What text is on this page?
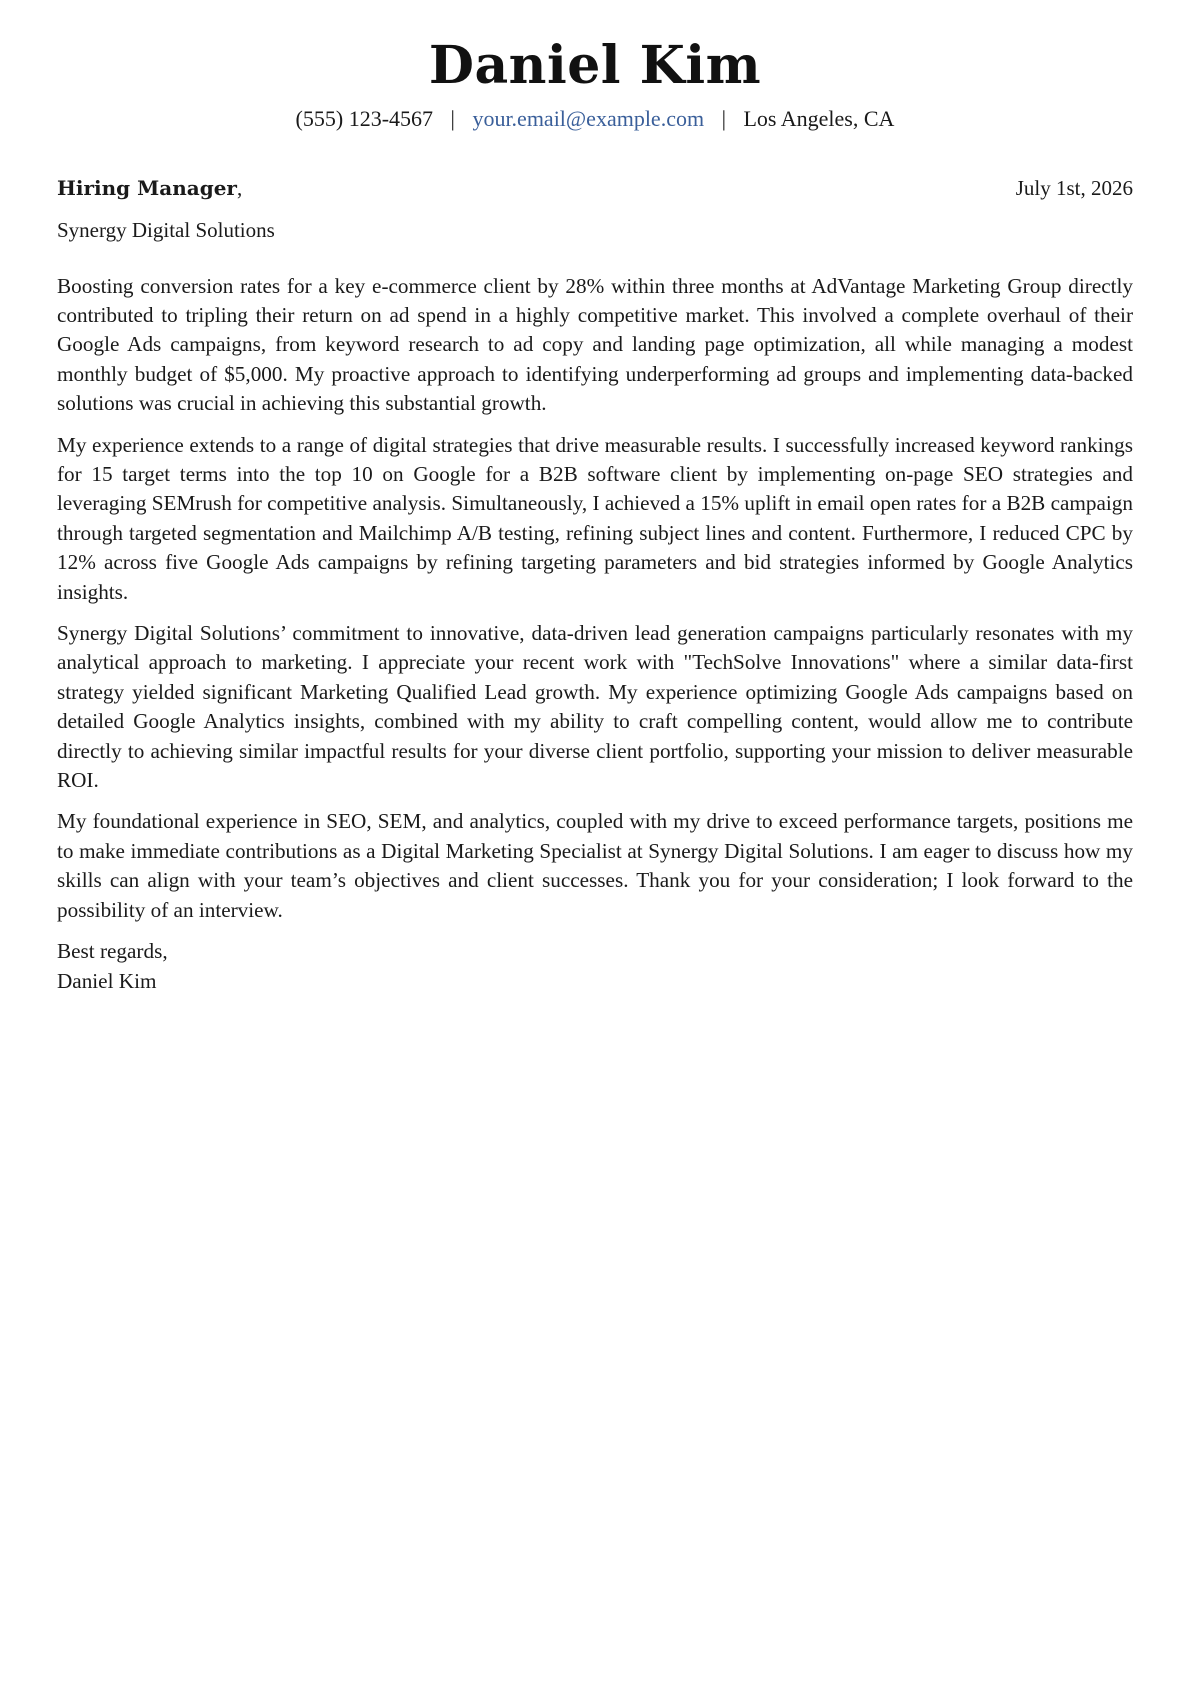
Daniel Kim
(555) 123-4567 | your.email@example.com | Los Angeles, CA
Hiring Manager,	July 1st, 2026
Synergy Digital Solutions

Boosting conversion rates for a key e-commerce client by 28% within three months at AdVantage Marketing Group directly contributed to tripling their return on ad spend in a highly competitive market. This involved a complete overhaul of their Google Ads campaigns, from keyword research to ad copy and landing page optimization, all while managing a modest monthly budget of $5,000. My proactive approach to identifying underperforming ad groups and implementing data-backed solutions was crucial in achieving this substantial growth.

My experience extends to a range of digital strategies that drive measurable results. I successfully increased keyword rankings for 15 target terms into the top 10 on Google for a B2B software client by implementing on-page SEO strategies and leveraging SEMrush for competitive analysis. Simultaneously, I achieved a 15% uplift in email open rates for a B2B campaign through targeted segmentation and Mailchimp A/B testing, refining subject lines and content. Furthermore, I reduced CPC by 12% across five Google Ads campaigns by refining targeting parameters and bid strategies informed by Google Analytics insights.

Synergy Digital Solutions’ commitment to innovative, data-driven lead generation campaigns particularly resonates with my analytical approach to marketing. I appreciate your recent work with "TechSolve Innovations" where a similar data-first strategy yielded significant Marketing Qualified Lead growth. My experience optimizing Google Ads campaigns based on detailed Google Analytics insights, combined with my ability to craft compelling content, would allow me to contribute directly to achieving similar impactful results for your diverse client portfolio, supporting your mission to deliver measurable ROI.

My foundational experience in SEO, SEM, and analytics, coupled with my drive to exceed performance targets, positions me to make immediate contributions as a Digital Marketing Specialist at Synergy Digital Solutions. I am eager to discuss how my skills can align with your team’s objectives and client successes. Thank you for your consideration; I look forward to the possibility of an interview.

Best regards,
Daniel Kim
